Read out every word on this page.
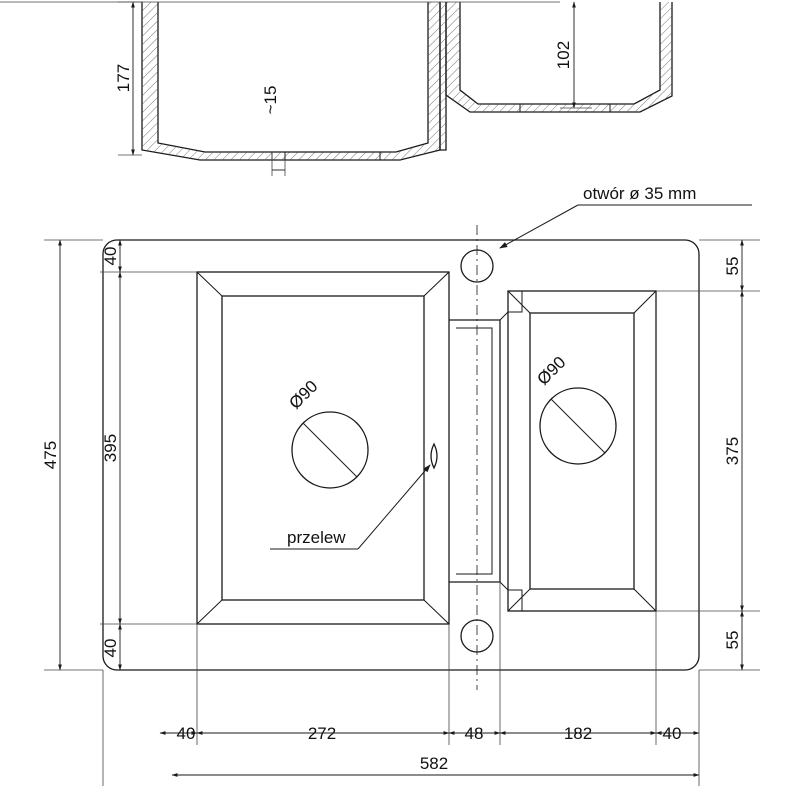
177
~15
102
Ø90
Ø90
otwór ø 35 mm
przelew
40
395
40
475
55
375
55
40	272	48	182	40
582
